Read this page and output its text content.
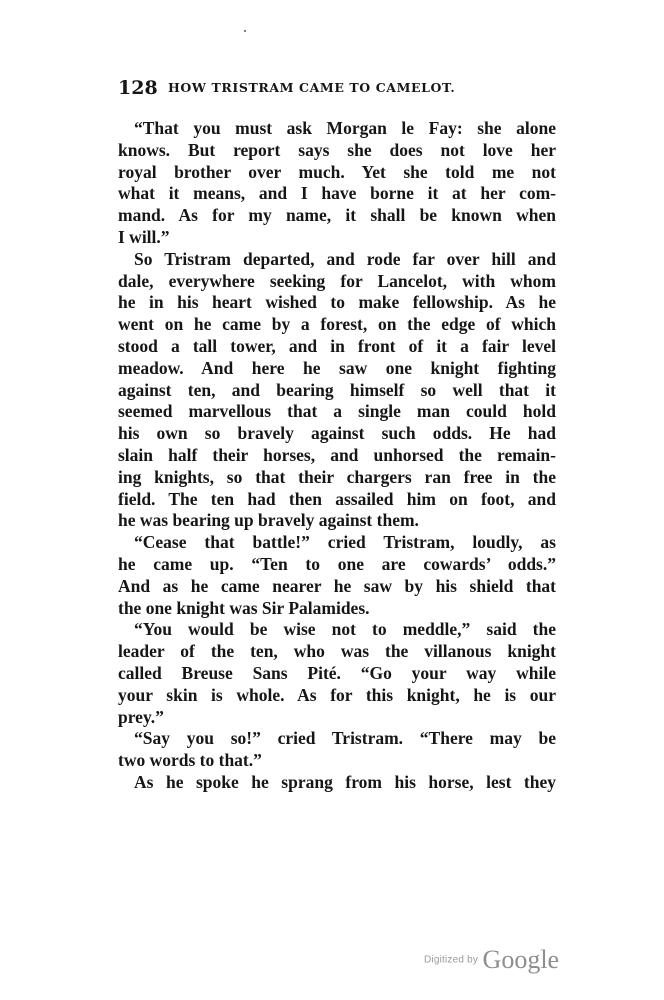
128 HOW TRISTRAM CAME TO CAMELOT.
“That you must ask Morgan le Fay: she alone
knows. But report says she does not love her
royal brother over much. Yet she told me not
what it means, and I have borne it at her com-
mand. As for my name, it shall be known when
I will.”
So Tristram departed, and rode far over hill and
dale, everywhere seeking for Lancelot, with whom
he in his heart wished to make fellowship. As he
went on he came by a forest, on the edge of which
stood a tall tower, and in front of it a fair level
meadow. And here he saw one knight fighting
against ten, and bearing himself so well that it
seemed marvellous that a single man could hold
his own so bravely against such odds. He had
slain half their horses, and unhorsed the remain-
ing knights, so that their chargers ran free in the
field. The ten had then assailed him on foot, and
he was bearing up bravely against them.
“Cease that battle!” cried Tristram, loudly, as
he came up. “Ten to one are cowards’ odds.”
And as he came nearer he saw by his shield that
the one knight was Sir Palamides.
“You would be wise not to meddle,” said the
leader of the ten, who was the villanous knight
called Breuse Sans Pité. “Go your way while
your skin is whole. As for this knight, he is our
prey.”
“Say you so!” cried Tristram. “There may be
two words to that.”
As he spoke he sprang from his horse, lest they
Digitized by Google
